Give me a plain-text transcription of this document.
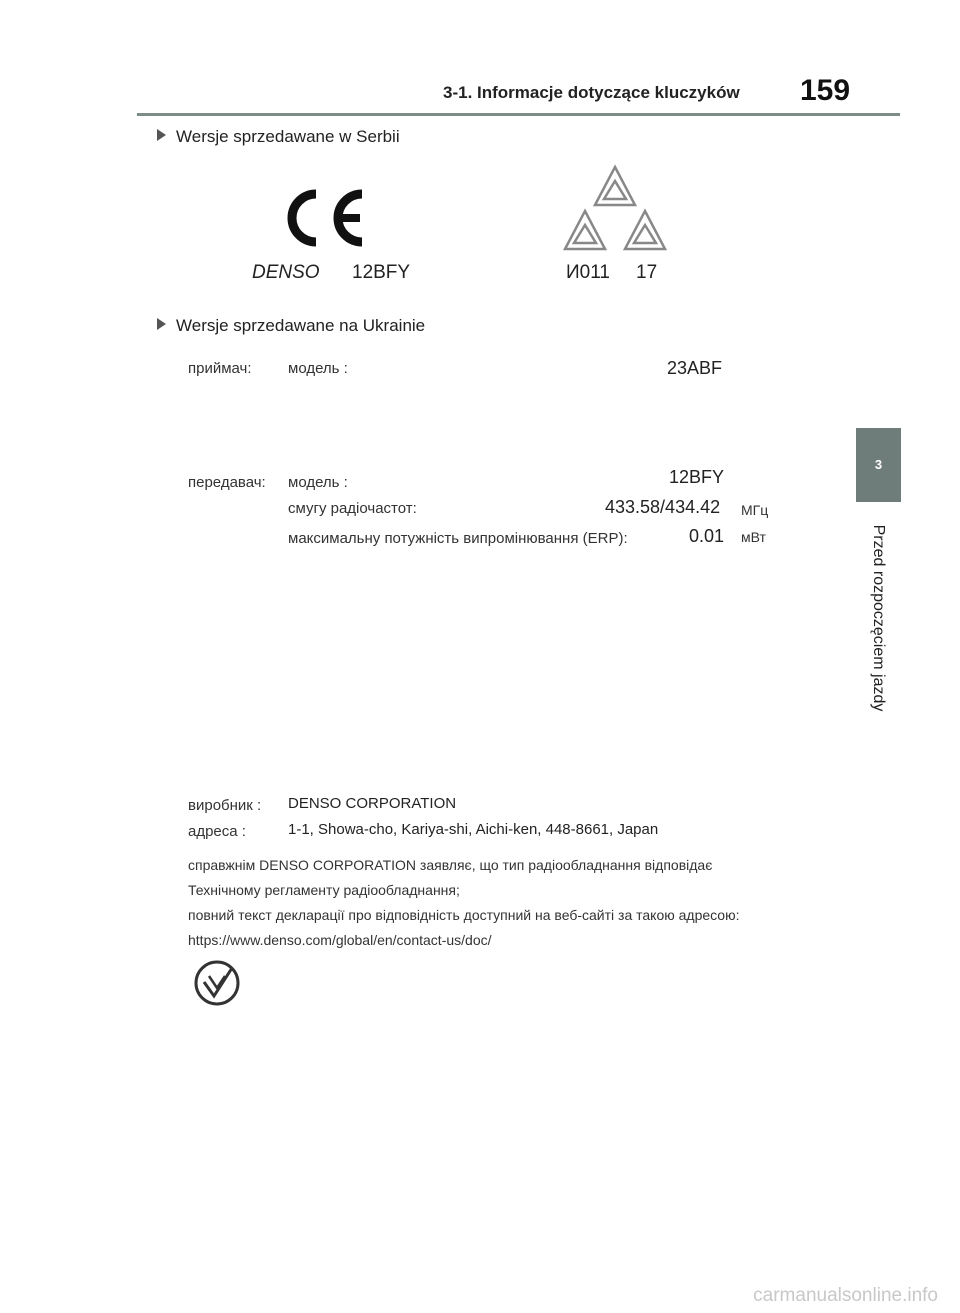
3-1. Informacje dotyczące kluczyków 159
Wersje sprzedawane w Serbii
DENSO 12BFY	И011 17
Wersje sprzedawane na Ukrainie
приймач: модель :	23ABF
передавач: модель :	12BFY
смугу радіочастот:	433.58/434.42 МГц
максимальну потужність випромінювання (ERP):	0.01 мВт
виробник : DENSO CORPORATION
адреса :	1-1, Showa-cho, Kariya-shi, Aichi-ken, 448-8661, Japan
справжнім DENSO CORPORATION заявляє, що тип радіообладнання відповідає
Технічному регламенту радіообладнання;
повний текст декларації про відповідність доступний на веб-сайті за такою адресою:
https://www.denso.com/global/en/contact-us/doc/
3
Przed rozpoczęciem jazdy
carmanualsonline.info
